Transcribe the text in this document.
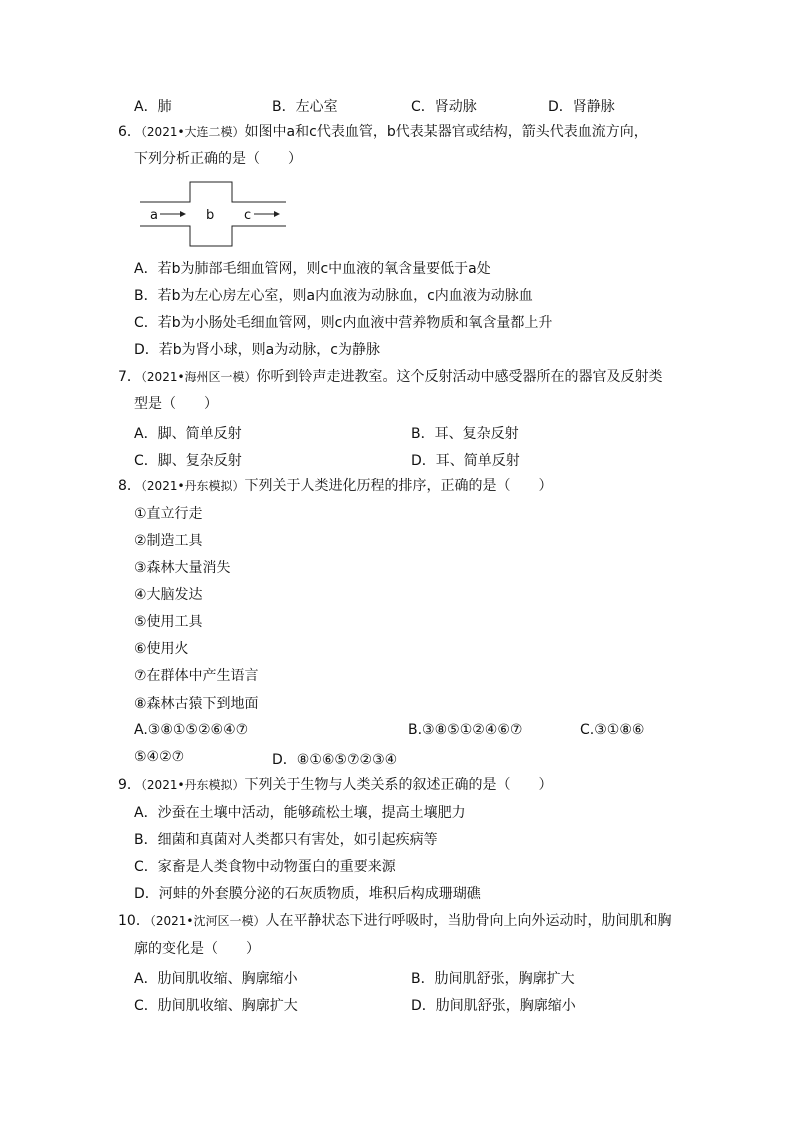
A．肺	B．左心室	C．肾动脉	D．肾静脉
6．（2021•大连二模）如图中a和c代表血管，b代表某器官或结构，箭头代表血流方向，
下列分析正确的是（　　）
a	b c
A．若b为肺部毛细血管网，则c中血液的氧含量要低于a处
B．若b为左心房左心室，则a内血液为动脉血，c内血液为动脉血
C．若b为小肠处毛细血管网，则c内血液中营养物质和氧含量都上升
D．若b为肾小球，则a为动脉，c为静脉
7．（2021•海州区一模）你听到铃声走进教室。这个反射活动中感受器所在的器官及反射类
型是（　　）
A．脚、简单反射	B．耳、复杂反射
C．脚、复杂反射	D．耳、简单反射
8．（2021•丹东模拟）下列关于人类进化历程的排序，正确的是（　　）
①直立行走
②制造工具
③森林大量消失
④大脑发达
⑤使用工具
⑥使用火
⑦在群体中产生语言
⑧森林古猿下到地面
A.③⑧①⑤②⑥④⑦	B.③⑧⑤①②④⑥⑦	C.③①⑧⑥
⑤④②⑦	D．⑧①⑥⑤⑦②③④
9．（2021•丹东模拟）下列关于生物与人类关系的叙述正确的是（　　）
A．沙蚕在土壤中活动，能够疏松土壤，提高土壤肥力
B．细菌和真菌对人类都只有害处，如引起疾病等
C．家畜是人类食物中动物蛋白的重要来源
D．河蚌的外套膜分泌的石灰质物质，堆积后构成珊瑚礁
10．（2021•沈河区一模）人在平静状态下进行呼吸时，当肋骨向上向外运动时，肋间肌和胸
廓的变化是（　　）
A．肋间肌收缩、胸廓缩小	B．肋间肌舒张，胸廓扩大
C．肋间肌收缩、胸廓扩大	D．肋间肌舒张，胸廓缩小
